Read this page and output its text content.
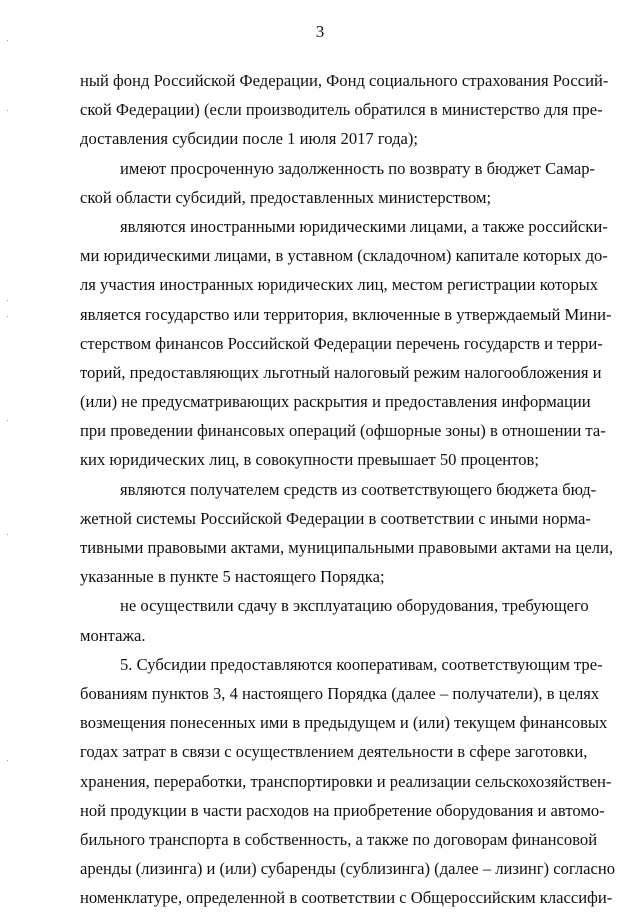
3
ный фонд Российской Федерации, Фонд социального страхования Россий-
ской Федерации) (если производитель обратился в министерство для пре-
доставления субсидии после 1 июля 2017 года);
имеют просроченную задолженность по возврату в бюджет Самар-
ской области субсидий, предоставленных министерством;
являются иностранными юридическими лицами, а также российски-
ми юридическими лицами, в уставном (складочном) капитале которых до-
ля участия иностранных юридических лиц, местом регистрации которых
является государство или территория, включенные в утверждаемый Мини-
стерством финансов Российской Федерации перечень государств и терри-
торий, предоставляющих льготный налоговый режим налогообложения и
(или) не предусматривающих раскрытия и предоставления информации
при проведении финансовых операций (офшорные зоны) в отношении та-
ких юридических лиц, в совокупности превышает 50 процентов;
являются получателем средств из соответствующего бюджета бюд-
жетной системы Российской Федерации в соответствии с иными норма-
тивными правовыми актами, муниципальными правовыми актами на цели,
указанные в пункте 5 настоящего Порядка;
не осуществили сдачу в эксплуатацию оборудования, требующего
монтажа.
5. Субсидии предоставляются кооперативам, соответствующим тре-
бованиям пунктов 3, 4 настоящего Порядка (далее – получатели), в целях
возмещения понесенных ими в предыдущем и (или) текущем финансовых
годах затрат в связи с осуществлением деятельности в сфере заготовки,
хранения, переработки, транспортировки и реализации сельскохозяйствен-
ной продукции в части расходов на приобретение оборудования и автомо-
бильного транспорта в собственность, а также по договорам финансовой
аренды (лизинга) и (или) субаренды (сублизинга) (далее – лизинг) согласно
номенклатуре, определенной в соответствии с Общероссийским классифи-
